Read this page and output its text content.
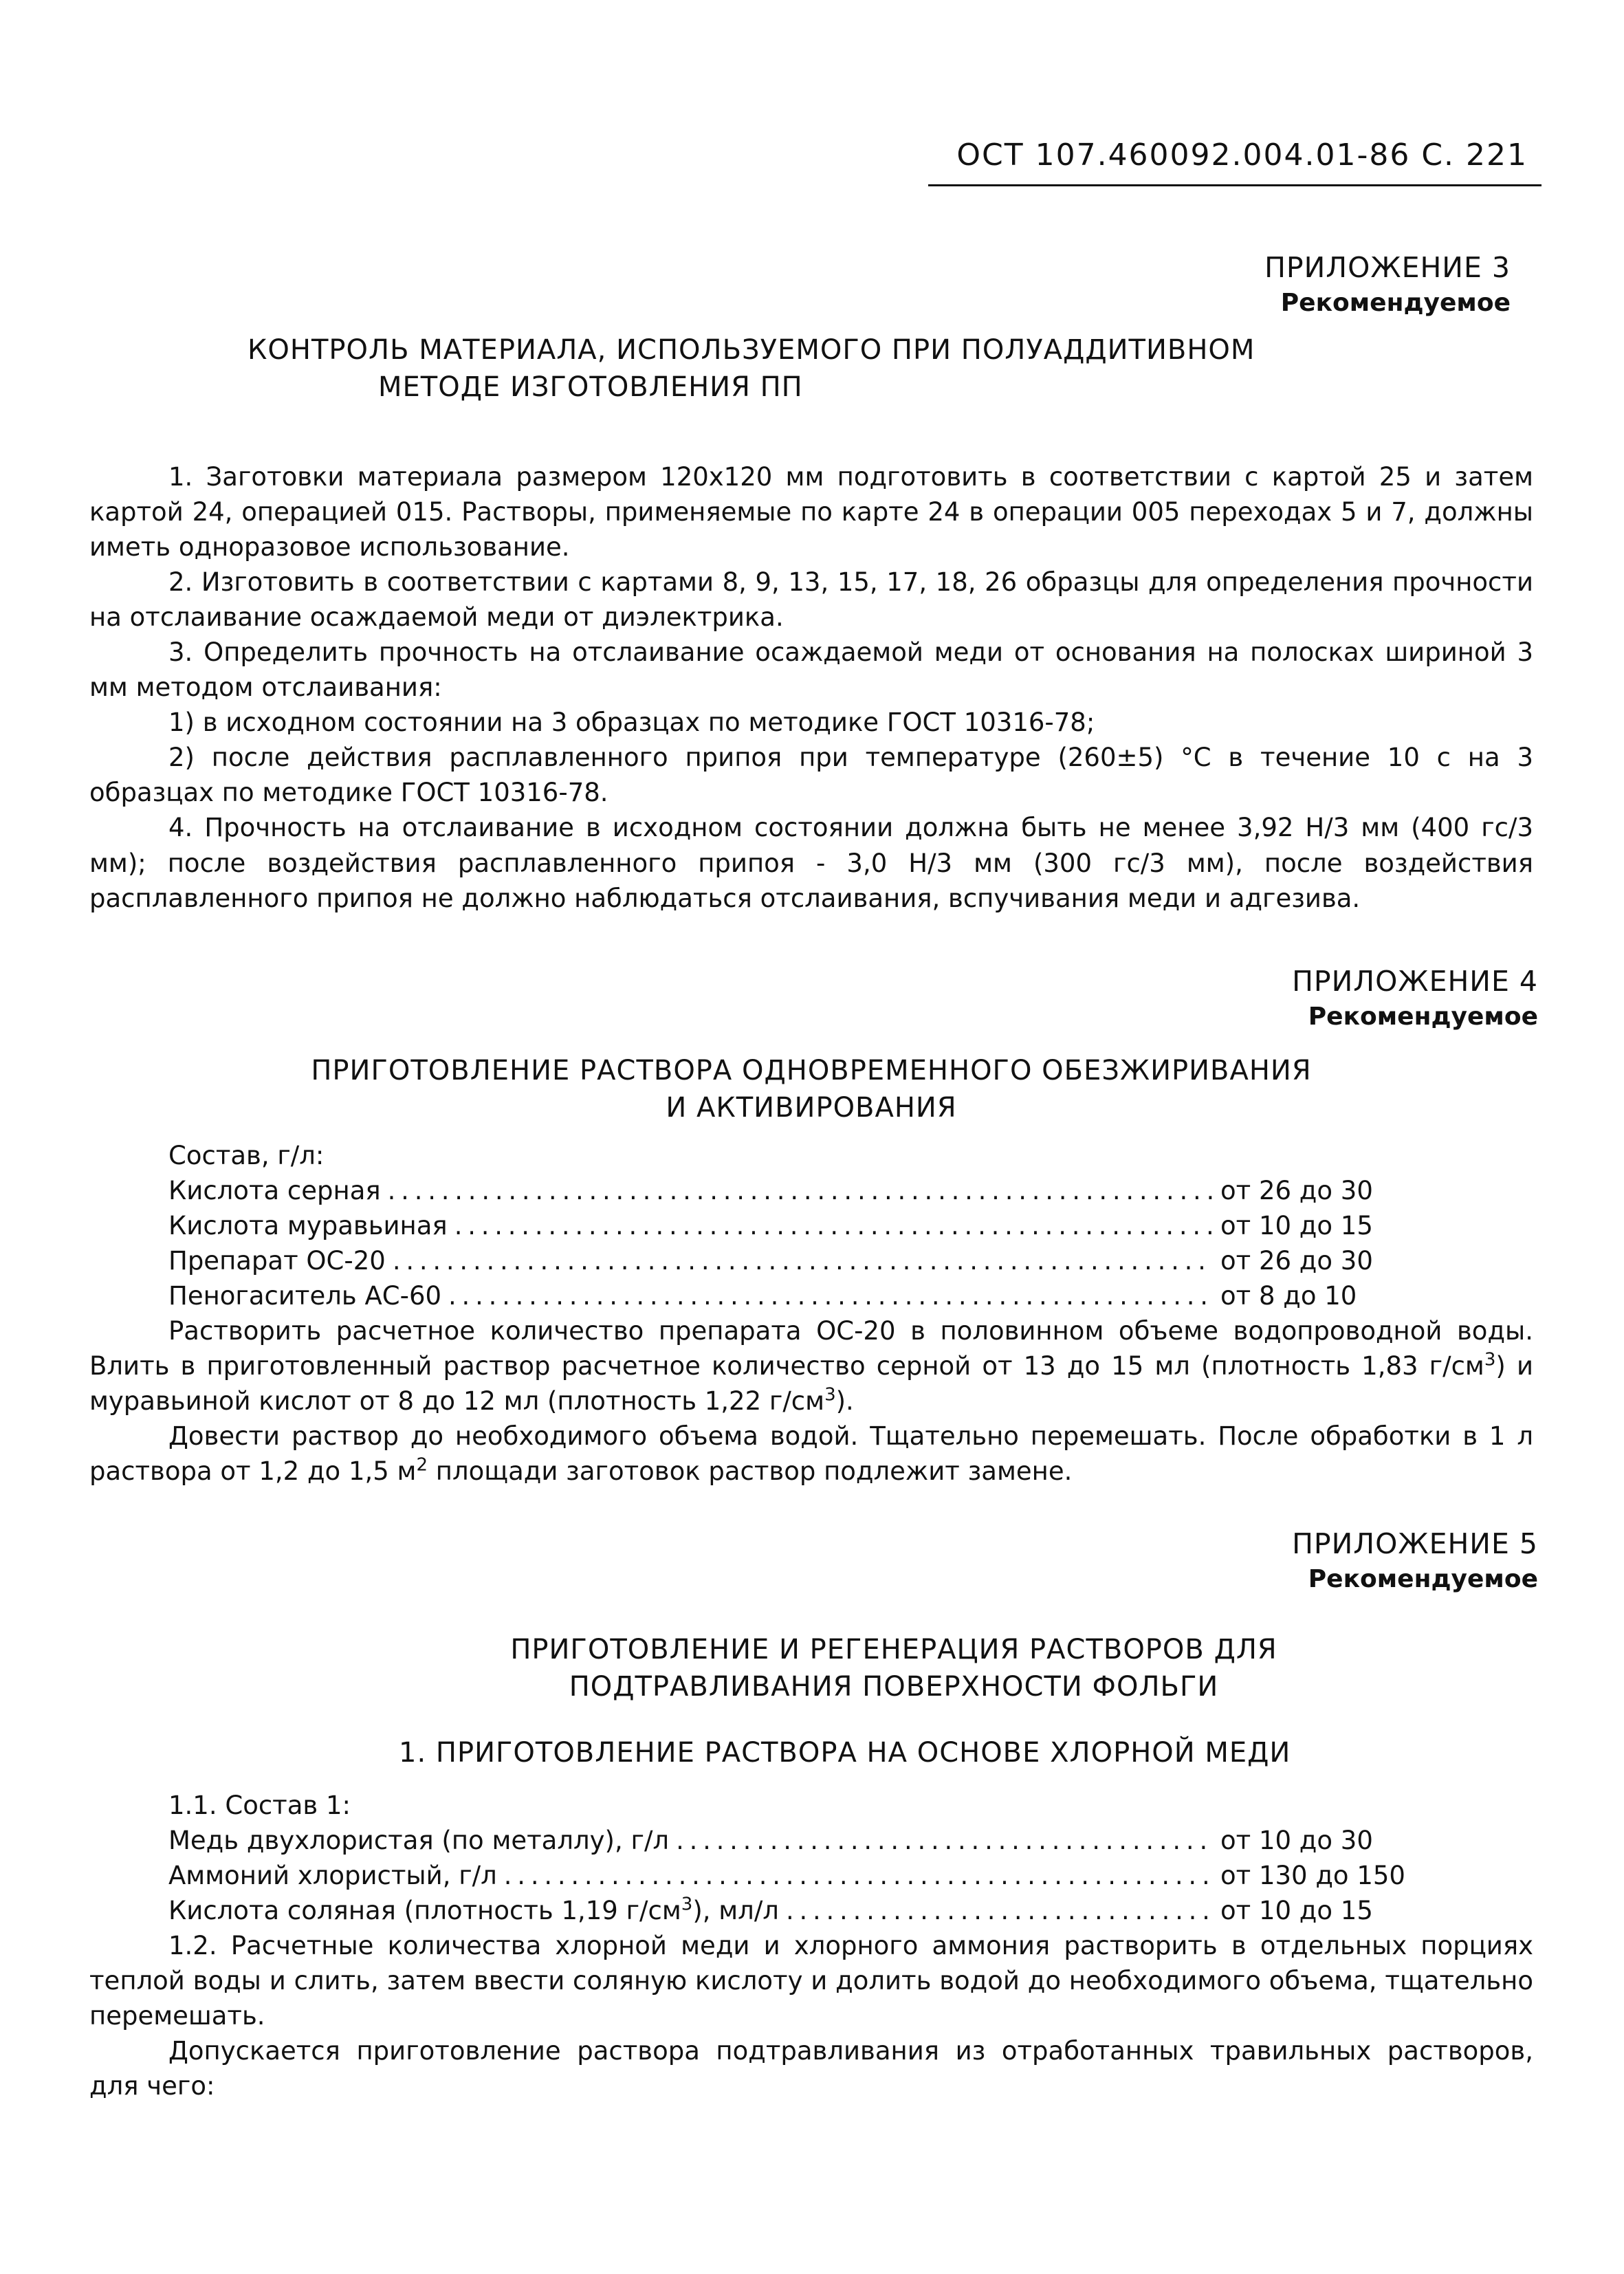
ОСТ 107.460092.004.01-86 С. 221
ПРИЛОЖЕНИЕ 3
Рекомендуемое
КОНТРОЛЬ МАТЕРИАЛА, ИСПОЛЬЗУЕМОГО ПРИ ПОЛУАДДИТИВНОМ
МЕТОДЕ ИЗГОТОВЛЕНИЯ ПП
1. Заготовки материала размером 120х120 мм подготовить в соответствии с картой 25 и затем картой 24, операцией 015. Растворы, применяемые по карте 24 в операции 005 переходах 5 и 7, должны иметь одноразовое использование.
2. Изготовить в соответствии с картами 8, 9, 13, 15, 17, 18, 26 образцы для определения прочности на отслаивание осаждаемой меди от диэлектрика.
3. Определить прочность на отслаивание осаждаемой меди от основания на полосках шириной 3 мм методом отслаивания:
1) в исходном состоянии на 3 образцах по методике ГОСТ 10316-78;
2) после действия расплавленного припоя при температуре (260±5) °С в течение 10 с на 3 образцах по методике ГОСТ 10316-78.
4. Прочность на отслаивание в исходном состоянии должна быть не менее 3,92 Н/3 мм (400 гс/3 мм); после воздействия расплавленного припоя - 3,0 Н/3 мм (300 гс/3 мм), после воздействия расплавленного припоя не должно наблюдаться отслаивания, вспучивания меди и адгезива.
ПРИЛОЖЕНИЕ 4
Рекомендуемое
ПРИГОТОВЛЕНИЕ РАСТВОРА ОДНОВРЕМЕННОГО ОБЕЗЖИРИВАНИЯ
И АКТИВИРОВАНИЯ
Состав, г/л:
Кислота серная . . .	от 26 до 30
Кислота муравьиная . . .	от 10 до 15
Препарат ОС-20 . . .	от 26 до 30
Пеногаситель АС-60 . . .	от 8 до 10
Растворить расчетное количество препарата ОС-20 в половинном объеме водопроводной воды. Влить в приготовленный раствор расчетное количество серной от 13 до 15 мл (плотность 1,83 $г/см^3$) и муравьиной кислот от 8 до 12 мл (плотность 1,22 $г/см^3$).
Довести раствор до необходимого объема водой. Тщательно перемешать. После обработки в 1 л раствора от 1,2 до 1,5 $м^2$ площади заготовок раствор подлежит замене.
ПРИЛОЖЕНИЕ 5
Рекомендуемое
ПРИГОТОВЛЕНИЕ И РЕГЕНЕРАЦИЯ РАСТВОРОВ ДЛЯ
ПОДТРАВЛИВАНИЯ ПОВЕРХНОСТИ ФОЛЬГИ
1. ПРИГОТОВЛЕНИЕ РАСТВОРА НА ОСНОВЕ ХЛОРНОЙ МЕДИ
1.1. Состав 1:
Медь двухлористая (по металлу), г/л . . .	от 10 до 30
Аммоний хлористый, г/л . . .	от 130 до 150
Кислота соляная (плотность 1,19 $г/см^3$), мл/л . . .	от 10 до 15
1.2. Расчетные количества хлорной меди и хлорного аммония растворить в отдельных порциях теплой воды и слить, затем ввести соляную кислоту и долить водой до необходимого объема, тщательно перемешать.
Допускается приготовление раствора подтравливания из отработанных травильных растворов, для чего:
